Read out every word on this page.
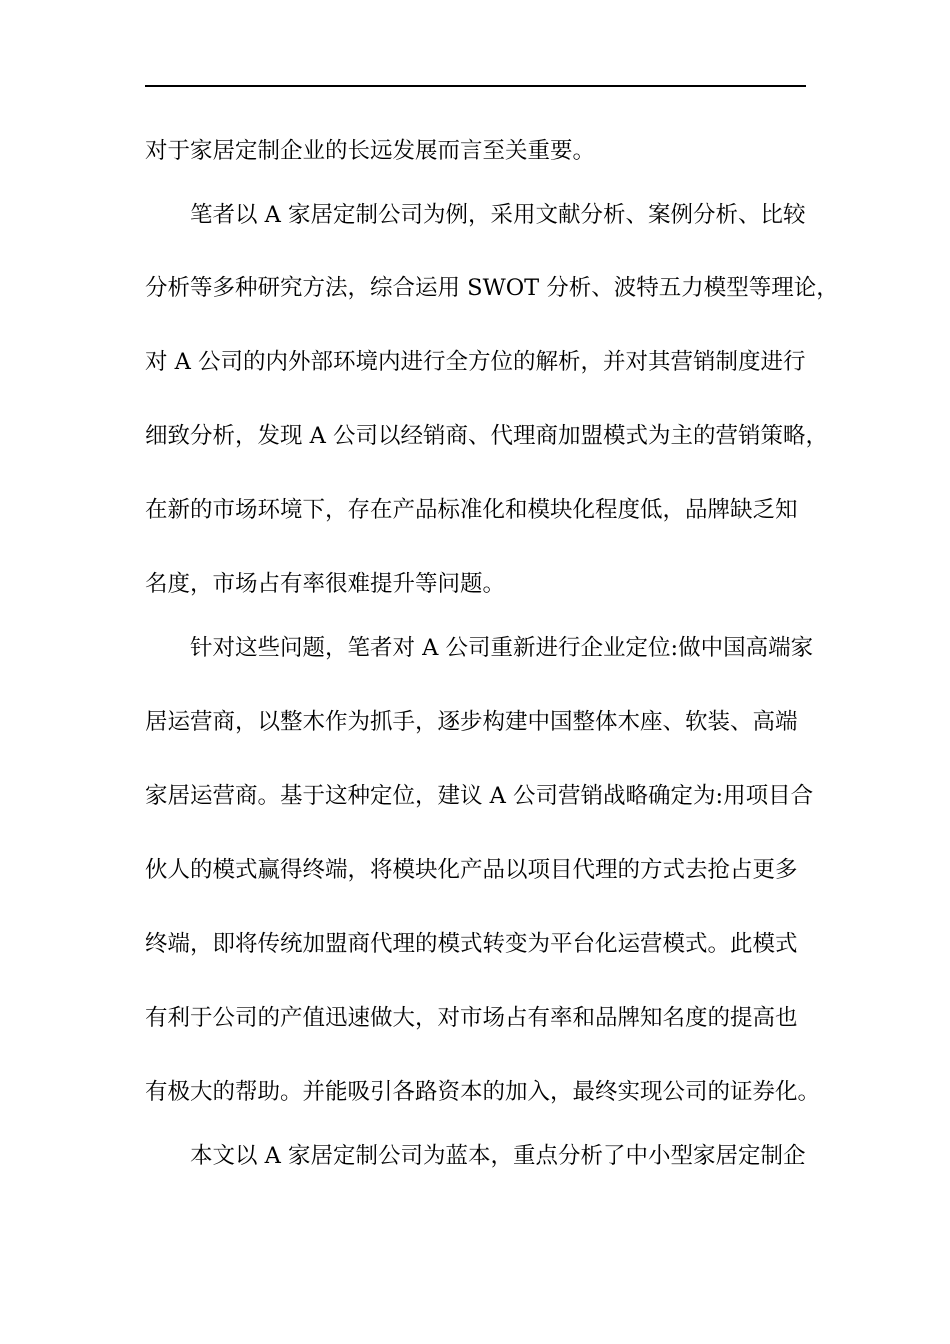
对于家居定制企业的长远发展而言至关重要。
笔者以 A 家居定制公司为例，采用文献分析、案例分析、比较
分析等多种研究方法，综合运用 SWOT 分析、波特五力模型等理论，
对 A 公司的内外部环境内进行全方位的解析，并对其营销制度进行
细致分析，发现 A 公司以经销商、代理商加盟模式为主的营销策略，
在新的市场环境下，存在产品标准化和模块化程度低，品牌缺乏知
名度，市场占有率很难提升等问题。
针对这些问题，笔者对 A 公司重新进行企业定位:做中国高端家
居运营商，以整木作为抓手，逐步构建中国整体木座、软装、高端
家居运营商。基于这种定位，建议 A 公司营销战略确定为:用项目合
伙人的模式赢得终端，将模块化产品以项目代理的方式去抢占更多
终端，即将传统加盟商代理的模式转变为平台化运营模式。此模式
有利于公司的产值迅速做大，对市场占有率和品牌知名度的提高也
有极大的帮助。并能吸引各路资本的加入，最终实现公司的证券化。
本文以 A 家居定制公司为蓝本，重点分析了中小型家居定制企
